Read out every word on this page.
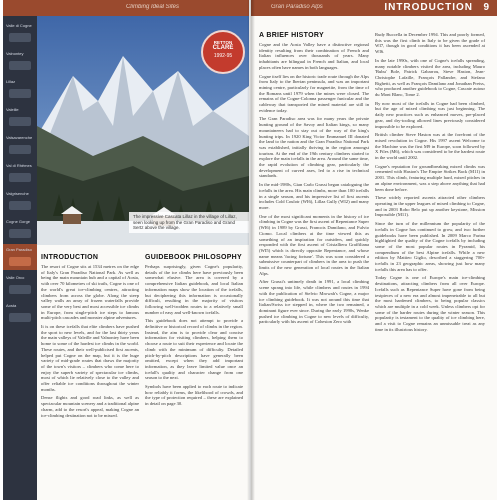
Climbing Ideal Sites
RETTON
CLARE
1992-95
The impressive Cascata Lillaz in the village of Lillaz, seen looking up from the Gran Paradiso and Grand Sertz above the village.
Valle di Cogne
Valnontey
Lillaz
Valeille
Valsavarenche
Val di Rhêmes
Valgrisenche
Cogne Gorge
Gran Paradiso
Valle Orco
Aosta
INTRODUCTION

The resort of Cogne sits at 1534 metres on the edge of Italy's Gran Paradiso National Park. As well as being the main mountain hub and a capital of Aosta, with over 70 kilometres of ski trails, Cogne is one of the world's great ice-climbing centres, attracting climbers from across the globe. Along the steep valley walls an array of frozen waterfalls provide some of the very best and most accessible ice climbs in Europe, from single-pitch ice steps to famous multi-pitch cascades and monster alpine adventures.

It is on these icefalls that elite climbers have pushed the sport to new levels, and for the last thirty years the main valleys of Valeille and Valnontey have been home to some of the hardest ice climbs in the world. These routes, and their well-publicised first ascents, helped put Cogne on the map, but it is the huge variety of mid-grade routes that draws the majority of the town's visitors – climbers who come here to enjoy the superb variety of spectacular ice climbs, most of which lie relatively close to the valley and offer reliable ice conditions throughout the winter months.

Dense flights and good road links, as well as spectacular mountain scenery and a traditional alpine charm, add to the resort's appeal, making Cogne an ice-climbing destination not to be missed.

GUIDEBOOK PHILOSOPHY

Perhaps surprisingly, given Cogne's popularity, details of the ice climbs here have previously been somewhat elusive. The area is covered by a comprehensive Italian guidebook, and local Italian information maps show the location of the icefalls, but deciphering this information is occasionally difficult, resulting in the majority of visitors following well-trodden routes to a relatively small number of easy and well-known icefalls.

This guidebook does not attempt to provide a definitive or historical record of climbs in the region. Instead, the aim is to provide clear and concise information for visiting climbers, helping them to choose a route to suit their experience and locate the climb with the minimum of difficulty. Detailed pitch-by-pitch descriptions have generally been omitted, except when they add important information, as they leave limited value once an icefall's quality and character change from one season to the next.

Symbols have been applied to each route to indicate how reliably it forms, the likelihood of crowds, and the type of protection required – these are explained in detail on page 30.

Gran Paradiso Alps	INTRODUCTION 9
A BRIEF HISTORY

Cogne and the Aosta Valley have a distinctive regional identity resulting from their combination of French and Italian influences over thousands of years. Many inhabitants are bilingual in French and Italian, and local places often have names in both languages.

Cogne itself lies on the historic trade route through the Alps from Italy to the Iberian peninsula, and was an important mining centre, particularly for magnetite, from the time of the Romans until 1979 when the mines were closed. The remains of the Cogne-Colonna passenger funicular and the cableway that transported the mined material are still in evidence today.

The Gran Paradiso area was for many years the private hunting ground of the Savoy and Italian kings, so many mountaineers had to stay out of the way of the king's hunting trips. In 1920 King Victor Emmanuel III donated the land to the nation and the Gran Paradiso National Park was established, initially thriving in the region amongst tourism. At the end of the 19th century climbers started to explore the main icefalls in the area. Around the same time, the rapid evolution of climbing gear, particularly the development of curved axes, led to a rise in technical standards.

In the mid-1980s, Gian Carlo Grassi began cataloguing the icefalls in the area. His main climbs, more than 100 icefalls in a single season, and his impressive list of first ascents includes Cold Couloir (WI6), Lillaz Gully (WI2) and many more.

One of the most significant moments in the history of ice climbing in Cogne was the first ascent of Repentance Super (WI6) in 1989 by Grassi, Francois Damilano, and Fulvio Ciomo. Local climbers at the time viewed this as something of an inspiration for outsiders, and quickly responded with the first ascent of Cristalliera Graffiliana (WI5) which is directly opposite Repentance, and whose name means 'facing fortune'. This was soon considered a submissive counterpart of climbers in the area to push the limits of the new generation of local routes in the Italian Alps.

After Grassi's untimely death in 1991, a local climbing scene sprang into life, while climbers and routes in 1994 with the publication of Stelvio Mrowah's Cogne, a major ice climbing guidebook. It was not around this time that Italian/Swiss ice stepped in, where the two remained, a dominant figure ever since. During the early 1990s, Wenke pushed ice climbing in Cogne to new levels of difficulty, particularly with his ascent of Cohesion Zero with

Rudy Buccella in December 1994. This and poorly formed, this was the first climb in Italy to be given the grade of WI7, though in good conditions it has been ascended at WI6.

In the late 1990s, with one of Cogne's icefalls spreading, many notable climbers visited the area, including Mauro 'Bubu' Bole, Patrick Gabarrou, Steve Haston, Jean-Christophe Lafaille, François Pallandre, and Stefano Righetti, as well as François Damilano and Jonathan Preiss, who produced another guidebook to Cogne, Cascate autour du Mont Blanc, Tome 2.

By now most of the icefalls in Cogne had been climbed, but the age of mixed climbing was just beginning. The daily new practices such as enhanced moves, pre-placed gear, and dry-tooling allowed lines previously considered impossible to be explored.

British climber Steve Haston was at the forefront of the mixed revolution in Cogne. His 1997 ascent Welcome to the Machine was the first M9 in Europe, soon followed by X Files (M6), which was considered to be the hardest route in the world until 2002.

Cogne's reputation for groundbreaking mixed climbs was cemented with Haston's The Empire Strikes Back (M11) in 2001. This climb, featuring multiple hard, mixed pitches in an alpine environment, was a step above anything that had been done before.

These widely reported ascents attracted other climbers operating in the upper leagues of mixed climbing to Cogne, and in 2003 Robo Belo put up another keystone, Mission Impossible (M11).

Since the turn of the millennium the popularity of the icefalls in Cogne has continued to grow, and two further guidebooks have been published. In 2009 Marco Farina highlighted the quality of the Cogne icefalls by including some of the most popular routes in Pyramid, his compendium of the best Alpine icefalls. While a new edition by Mattieo Giglio, described a staggering 700+ icefalls in 23 geographic areas, showing just how many icefalls this area has to offer.

Today Cogne is one of Europe's main ice-climbing destinations, attracting climbers from all over Europe. Icefalls such as Repentance Super have gone from being testpieces of a new era and almost impenetrable to all but the most hardened climbers, to being popular classics which are multiple in a cold week. Unless climbers opt for some of the harder routes during the winter season. This popularity is testament to the quality of ice climbing here, and a visit to Cogne remains an unmissable treat as any time in its illustrious history.
